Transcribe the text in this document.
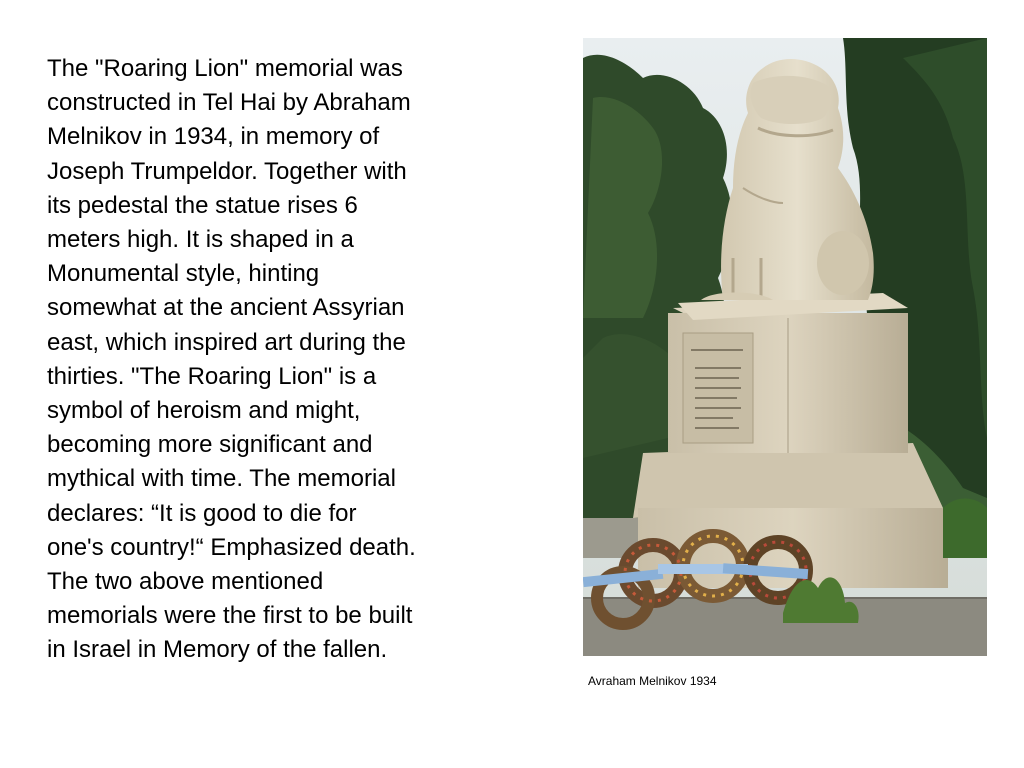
The "Roaring Lion" memorial was
constructed in Tel Hai by Abraham
Melnikov in 1934, in memory of
Joseph Trumpeldor. Together with
its pedestal the statue rises 6
meters high. It is shaped in a
Monumental style, hinting
somewhat at the ancient Assyrian
east, which inspired art during the
thirties. "The Roaring Lion" is a
symbol of heroism and might,
becoming more significant and
mythical with time. The memorial
declares: “It is good to die for
one's country!“ Emphasized death.
The two above mentioned
memorials were the first to be built
in Israel in Memory of the fallen.

Avraham Melnikov 1934
